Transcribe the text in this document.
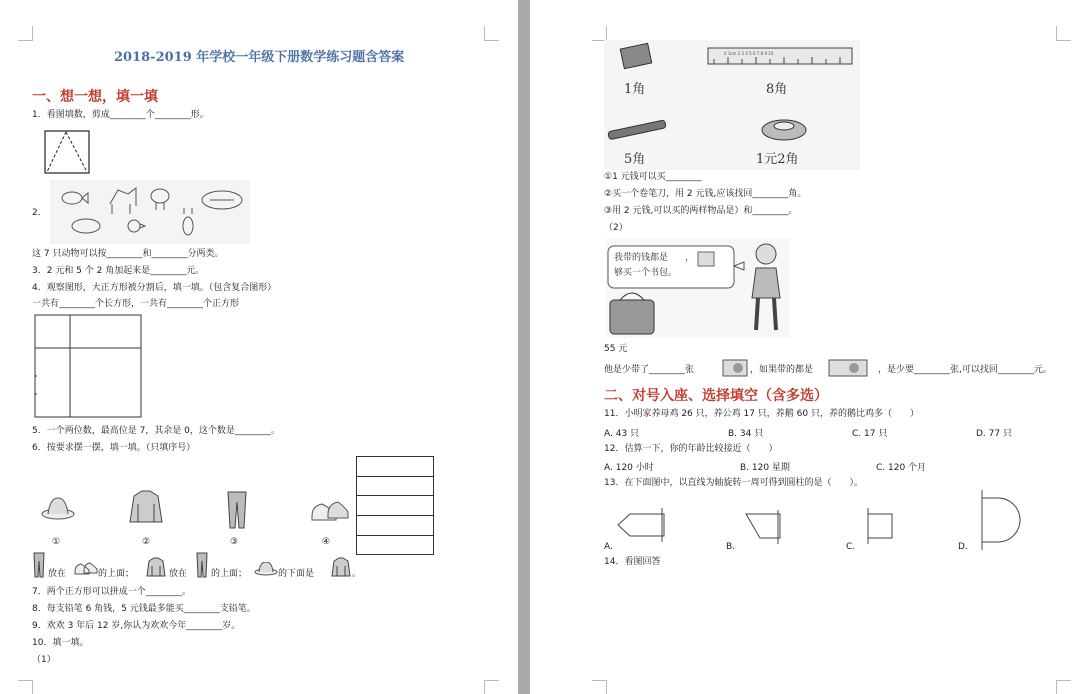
2018-2019 年学校一年级下册数学练习题含答案
一、想一想，填一填
1．看图填数，剪成________个________形。
2．
这 7 只动物可以按________和________分两类。
3．2 元和 5 个 2 角加起来是________元。
4．观察图形，大正方形被分割后，填一填。（包含复合图形）
一共有________个长方形，一共有________个正方形
5．一个两位数，最高位是 7，其余是 0，这个数是________。
6．按要求摆一摆，填一填。（只填序号）
①	②	③	④
放在	的上面；	放在	的上面；	的下面是	。
7．两个正方形可以拼成一个________。
8．每支铅笔 6 角钱，5 元钱最多能买________支铅笔。
9．欢欢 3 年后 12 岁,你认为欢欢今年________岁。
10．填一填。
（1）
0 1cm 2 3 4 5 6 7 8 9 10
1角	8角
5角	1元2角
①1 元钱可以买________
②买一个卷笔刀，用 2 元钱,应该找回________角。
③用 2 元钱,可以买的两样物品是）和________。
（2）
我带的钱都是      ，
够买一个书包。
55 元
他是少带了________张	，如果带的都是	，是少要________张,可以找回________元。
二、对号入座、选择填空（含多选）
11．小明家养母鸡 26 只，养公鸡 17 只，养鹅 60 只，养的鹅比鸡多（　　）
A. 43 只	B. 34 只	C. 17 只	D. 77 只
12．估算一下，你的年龄比较接近（　　）
A. 120 小时	B. 120 星期	C. 120 个月
13．在下面图中，以直线为轴旋转一周可得到圆柱的是（　　）。
A.	B.	C.	D.
14．看图回答
